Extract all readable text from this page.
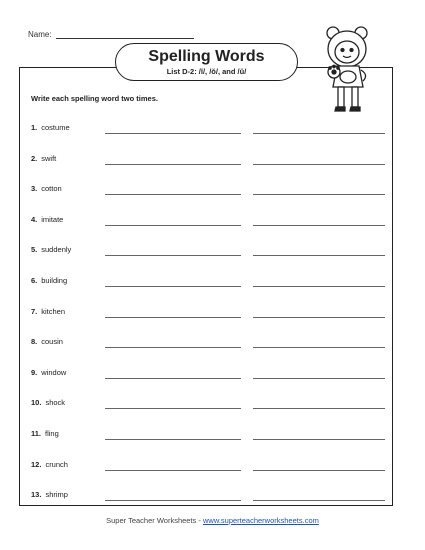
Name:
Spelling Words
List D-2: /ĭ/, /ŏ/, and /ŭ/
Write each spelling word two times.
1. costume
2. swift
3. cotton
4. imitate
5. suddenly
6. building
7. kitchen
8. cousin
9. window
10. shock
11. fling
12. crunch
13. shrimp
Super Teacher Worksheets - www.superteacherworksheets.com
